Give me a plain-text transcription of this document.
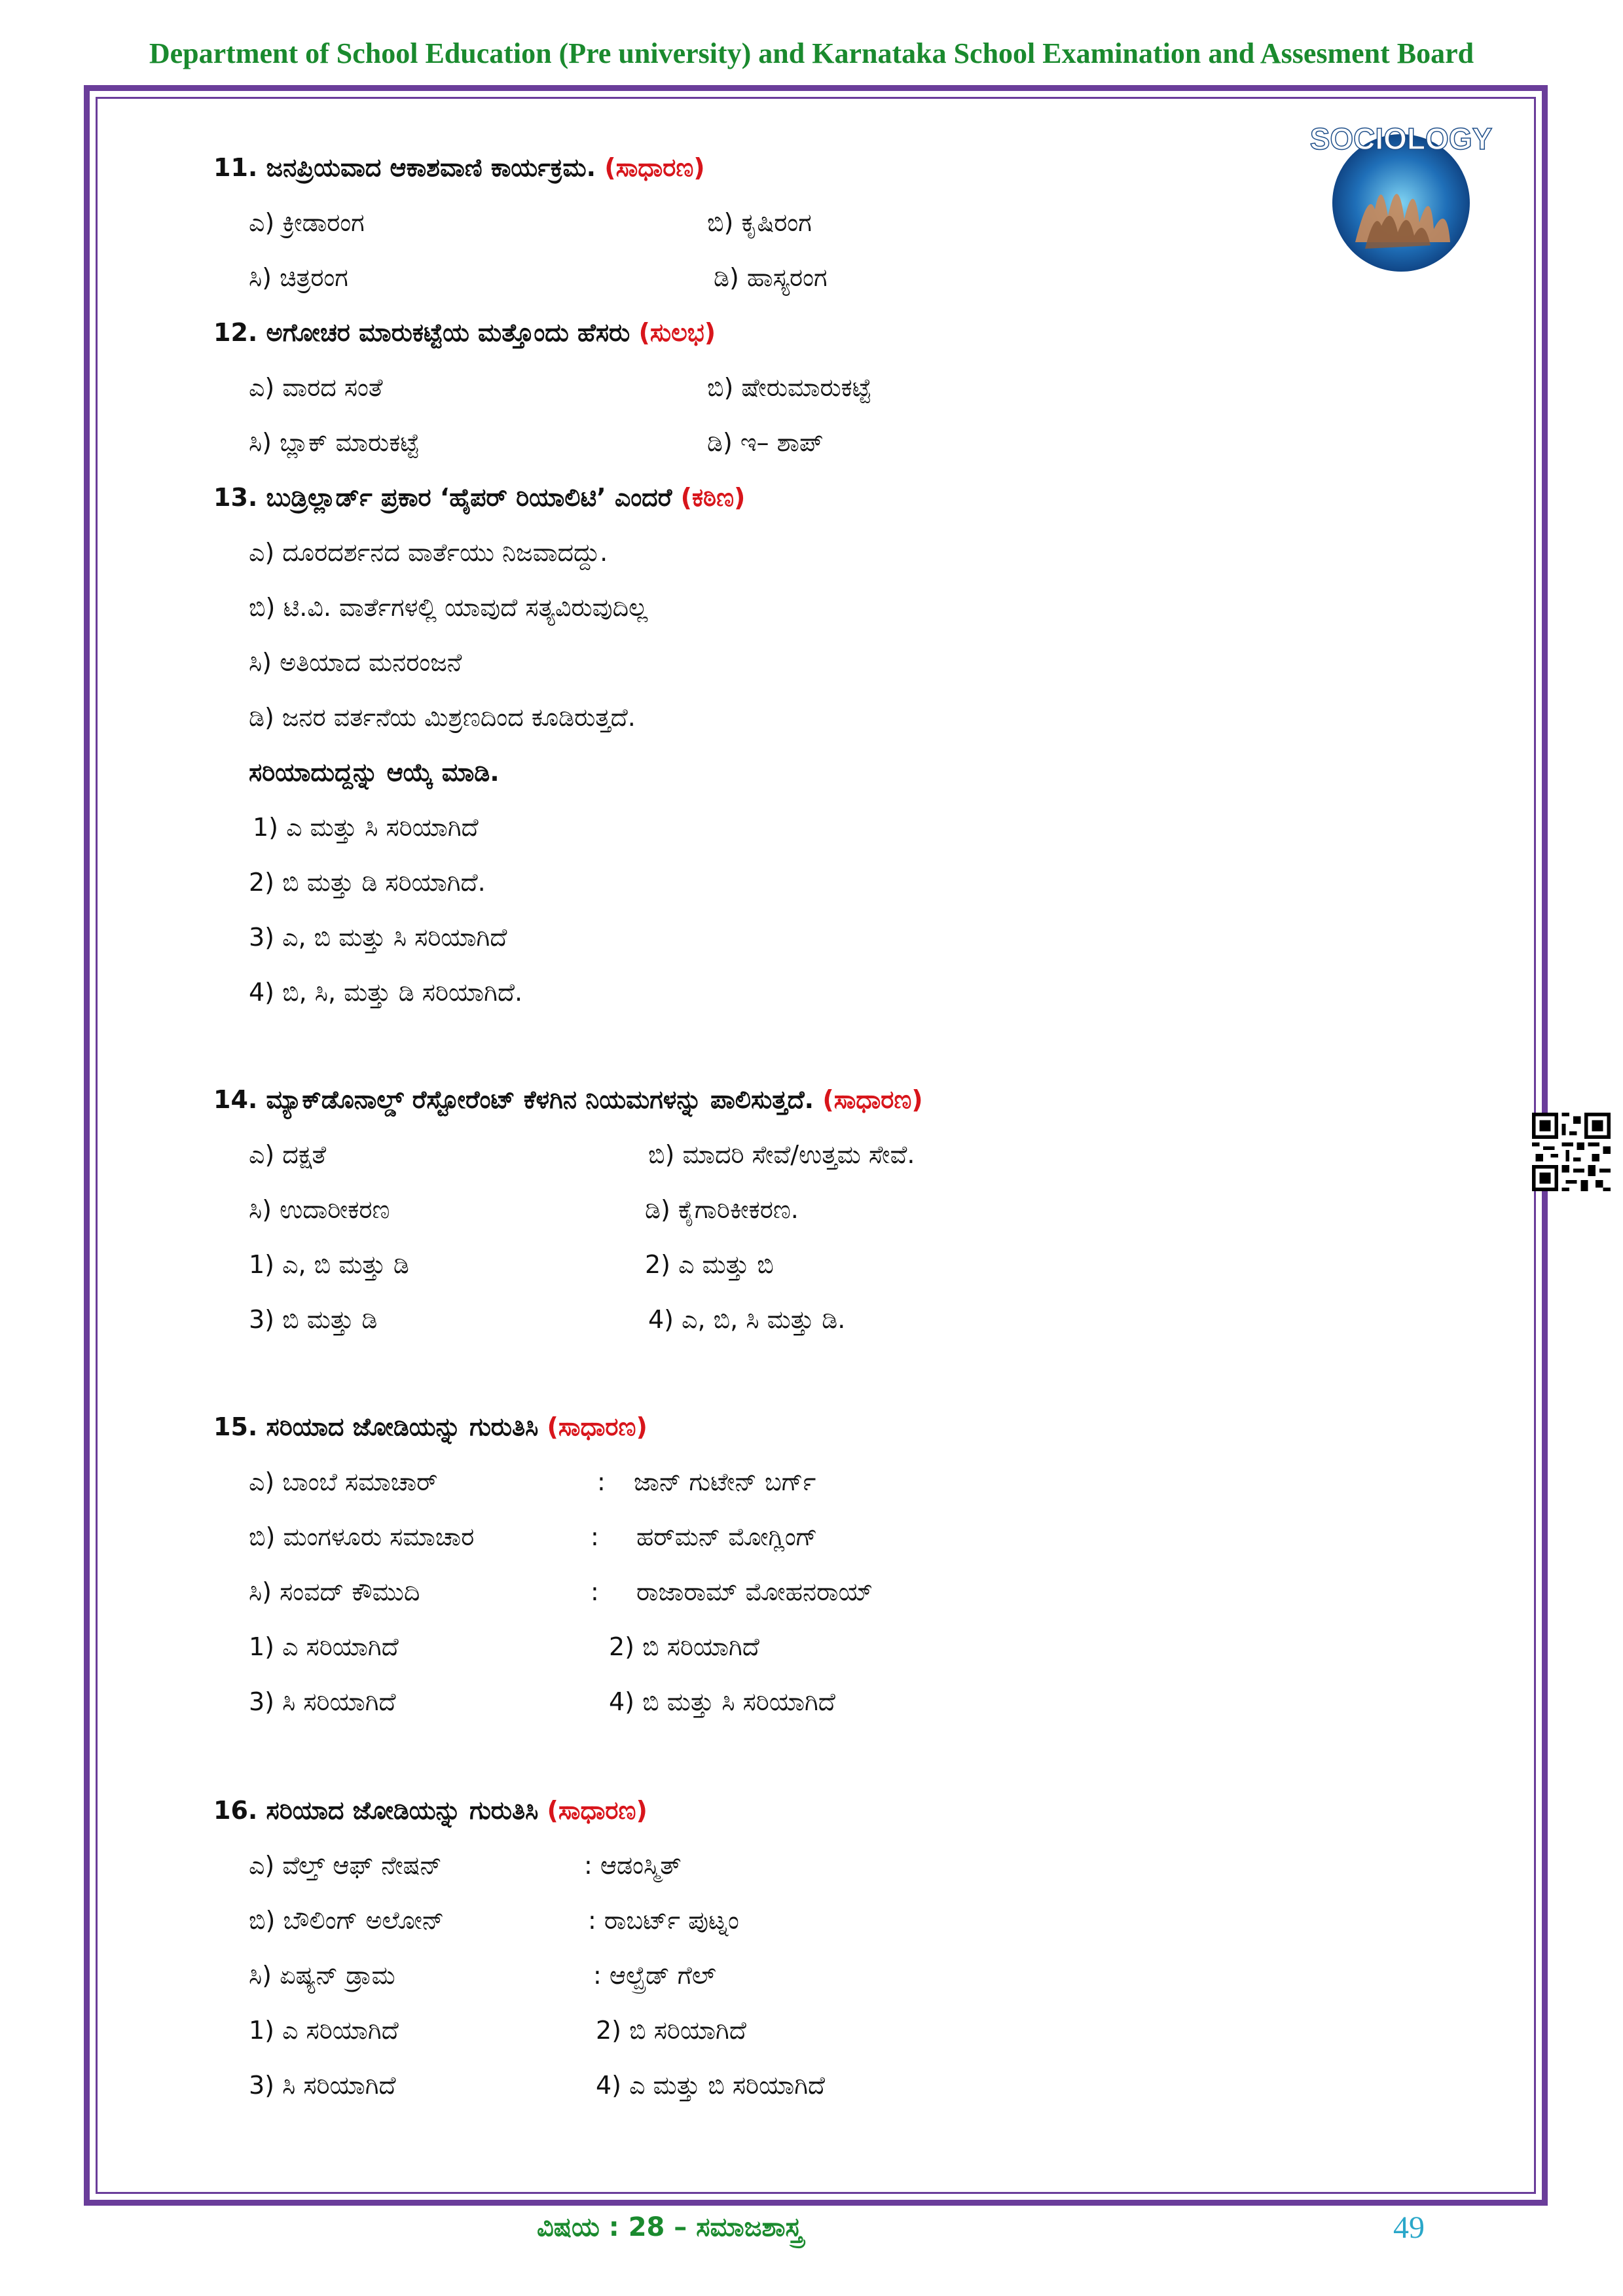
Department of School Education (Pre university) and Karnataka School Examination and Assesment Board
SOCIOLOGY
11. ಜನಪ್ರಿಯವಾದ ಆಕಾಶವಾಣಿ ಕಾರ್ಯಕ್ರಮ. (ಸಾಧಾರಣ)
ಎ) ಕ್ರೀಡಾರಂಗ	ಬಿ) ಕೃಷಿರಂಗ
ಸಿ) ಚಿತ್ರರಂಗ	ಡಿ) ಹಾಸ್ಯರಂಗ
12. ಅಗೋಚರ ಮಾರುಕಟ್ಟೆಯ ಮತ್ತೊಂದು ಹೆಸರು (ಸುಲಭ)
ಎ) ವಾರದ ಸಂತೆ	ಬಿ) ಷೇರುಮಾರುಕಟ್ಟೆ
ಸಿ) ಬ್ಲಾಕ್ ಮಾರುಕಟ್ಟೆ	ಡಿ) ಇ– ಶಾಪ್
13. ಬುಡ್ರಿಲ್ಲಾರ್ಡ್ ಪ್ರಕಾರ ‘ಹೈಪರ್ ರಿಯಾಲಿಟಿ’ ಎಂದರೆ (ಕಠಿಣ)
ಎ) ದೂರದರ್ಶನದ ವಾರ್ತೆಯು ನಿಜವಾದದ್ದು.
ಬಿ) ಟಿ.ವಿ. ವಾರ್ತೆಗಳಲ್ಲಿ ಯಾವುದೆ ಸತ್ಯವಿರುವುದಿಲ್ಲ
ಸಿ) ಅತಿಯಾದ ಮನರಂಜನೆ
ಡಿ) ಜನರ ವರ್ತನೆಯ ಮಿಶ್ರಣದಿಂದ ಕೂಡಿರುತ್ತದೆ.
ಸರಿಯಾದುದ್ದನ್ನು ಆಯ್ಕೆ ಮಾಡಿ.
1) ಎ ಮತ್ತು ಸಿ ಸರಿಯಾಗಿದೆ
2) ಬಿ ಮತ್ತು ಡಿ ಸರಿಯಾಗಿದೆ.
3) ಎ, ಬಿ ಮತ್ತು ಸಿ ಸರಿಯಾಗಿದೆ
4) ಬಿ, ಸಿ, ಮತ್ತು ಡಿ ಸರಿಯಾಗಿದೆ.
14. ಮ್ಯಾಕ್‌ಡೊನಾಲ್ಡ್ ರೆಸ್ಟೋರೆಂಟ್ ಕೆಳಗಿನ ನಿಯಮಗಳನ್ನು ಪಾಲಿಸುತ್ತದೆ. (ಸಾಧಾರಣ)
ಎ) ದಕ್ಷತೆ	ಬಿ) ಮಾದರಿ ಸೇವೆ/ಉತ್ತಮ ಸೇವೆ.
ಸಿ) ಉದಾರೀಕರಣ	ಡಿ) ಕೈಗಾರಿಕೀಕರಣ.
1) ಎ, ಬಿ ಮತ್ತು ಡಿ	2) ಎ ಮತ್ತು ಬಿ
3) ಬಿ ಮತ್ತು ಡಿ	4) ಎ, ಬಿ, ಸಿ ಮತ್ತು ಡಿ.
15. ಸರಿಯಾದ ಜೋಡಿಯನ್ನು ಗುರುತಿಸಿ (ಸಾಧಾರಣ)
ಎ) ಬಾಂಬೆ ಸಮಾಚಾರ್	: ಜಾನ್ ಗುಟೇನ್ ಬರ್ಗ್
ಬಿ) ಮಂಗಳೂರು ಸಮಾಚಾರ	: ಹರ್‌ಮನ್ ಮೋಗ್ಲಿಂಗ್
ಸಿ) ಸಂವದ್ ಕೌಮುದಿ	: ರಾಜಾರಾಮ್ ಮೋಹನರಾಯ್
1) ಎ ಸರಿಯಾಗಿದೆ	2) ಬಿ ಸರಿಯಾಗಿದೆ
3) ಸಿ ಸರಿಯಾಗಿದೆ	4) ಬಿ ಮತ್ತು ಸಿ ಸರಿಯಾಗಿದೆ
16. ಸರಿಯಾದ ಜೋಡಿಯನ್ನು ಗುರುತಿಸಿ (ಸಾಧಾರಣ)
ಎ) ವೆಲ್ತ್ ಆಫ್ ನೇಷನ್	: ಆಡಂಸ್ಮಿತ್
ಬಿ) ಬೌಲಿಂಗ್ ಅಲೋನ್	: ರಾಬರ್ಟ್ ಪುಟ್ನಂ
ಸಿ) ಏಷ್ಯನ್ ಡ್ರಾಮ	: ಆಲ್ಪ್ರೆಡ್ ಗೆಲ್
1) ಎ ಸರಿಯಾಗಿದೆ	2) ಬಿ ಸರಿಯಾಗಿದೆ
3) ಸಿ ಸರಿಯಾಗಿದೆ	4) ಎ ಮತ್ತು ಬಿ ಸರಿಯಾಗಿದೆ
ವಿಷಯ : 28 – ಸಮಾಜಶಾಸ್ತ್ರ	49
